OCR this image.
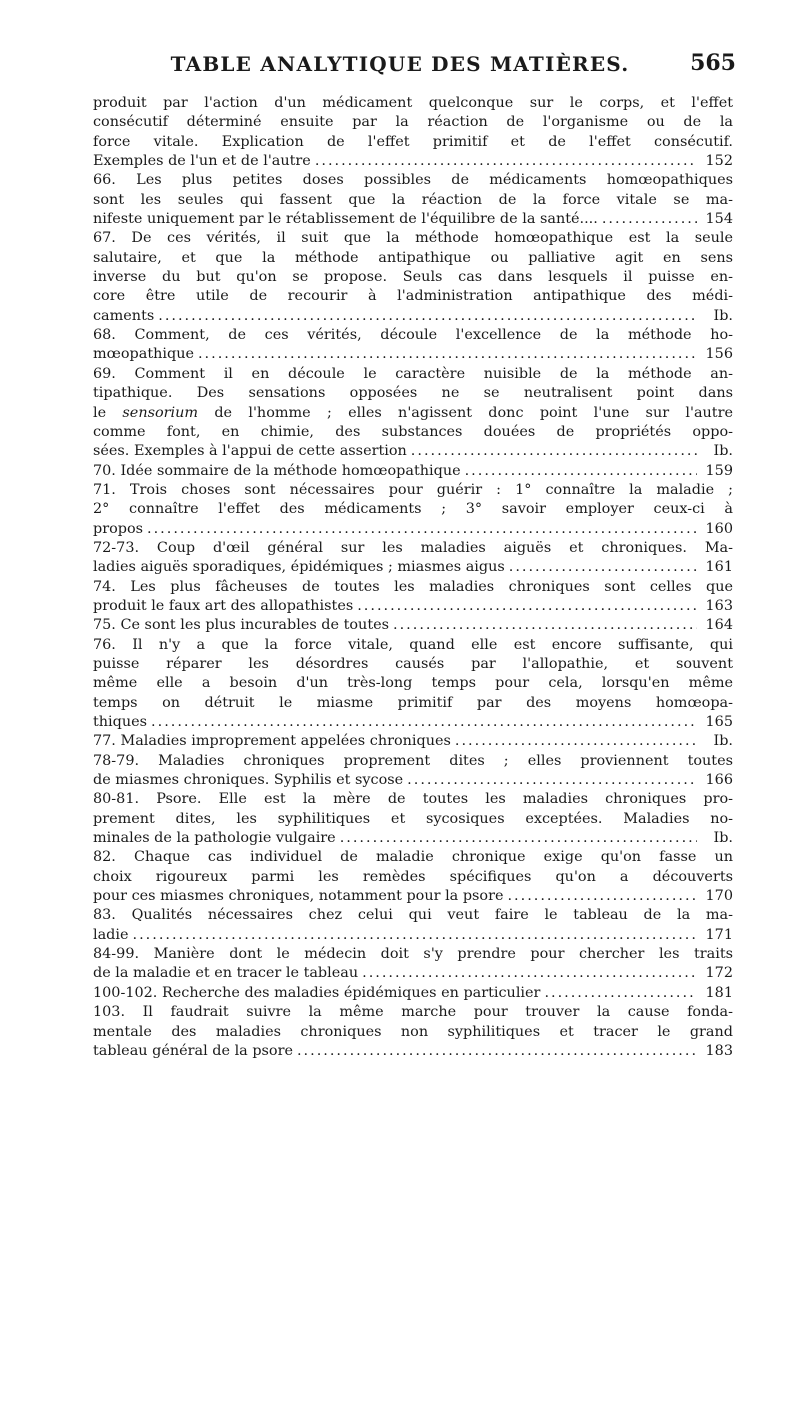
TABLE ANALYTIQUE DES MATIÈRES.	565
produit par l'action d'un médicament quelconque sur le corps, et l'effet
consécutif déterminé ensuite par la réaction de l'organisme ou de la
force vitale. Explication de l'effet primitif et de l'effet consécutif.
Exemples de l'un et de l'autre .....	152
66. Les plus petites doses possibles de médicaments homœopathiques
sont les seules qui fassent que la réaction de la force vitale se ma-
nifeste uniquement par le rétablissement de l'équilibre de la santé.... .....	154
67. De ces vérités, il suit que la méthode homœopathique est la seule
salutaire, et que la méthode antipathique ou palliative agit en sens
inverse du but qu'on se propose. Seuls cas dans lesquels il puisse en-
core être utile de recourir à l'administration antipathique des médi-
caments .....	Ib.
68. Comment, de ces vérités, découle l'excellence de la méthode ho-
mœopathique .....	156
69. Comment il en découle le caractère nuisible de la méthode an-
tipathique. Des sensations opposées ne se neutralisent point dans
le sensorium de l'homme ; elles n'agissent donc point l'une sur l'autre
comme font, en chimie, des substances douées de propriétés oppo-
sées. Exemples à l'appui de cette assertion .....	Ib.
70. Idée sommaire de la méthode homœopathique .....	159
71. Trois choses sont nécessaires pour guérir : 1° connaître la maladie ;
2° connaître l'effet des médicaments ; 3° savoir employer ceux-ci à
propos .....	160
72-73. Coup d'œil général sur les maladies aiguës et chroniques. Ma-
ladies aiguës sporadiques, épidémiques ; miasmes aigus .....	161
74. Les plus fâcheuses de toutes les maladies chroniques sont celles que
produit le faux art des allopathistes .....	163
75. Ce sont les plus incurables de toutes .....	164
76. Il n'y a que la force vitale, quand elle est encore suffisante, qui
puisse réparer les désordres causés par l'allopathie, et souvent
même elle a besoin d'un très-long temps pour cela, lorsqu'en même
temps on détruit le miasme primitif par des moyens homœopa-
thiques .....	165
77. Maladies improprement appelées chroniques .....	Ib.
78-79. Maladies chroniques proprement dites ; elles proviennent toutes
de miasmes chroniques. Syphilis et sycose .....	166
80-81. Psore. Elle est la mère de toutes les maladies chroniques pro-
prement dites, les syphilitiques et sycosiques exceptées. Maladies no-
minales de la pathologie vulgaire .....	Ib.
82. Chaque cas individuel de maladie chronique exige qu'on fasse un
choix rigoureux parmi les remèdes spécifiques qu'on a découverts
pour ces miasmes chroniques, notamment pour la psore .....	170
83. Qualités nécessaires chez celui qui veut faire le tableau de la ma-
ladie .....	171
84-99. Manière dont le médecin doit s'y prendre pour chercher les traits
de la maladie et en tracer le tableau .....	172
100-102. Recherche des maladies épidémiques en particulier .....	181
103. Il faudrait suivre la même marche pour trouver la cause fonda-
mentale des maladies chroniques non syphilitiques et tracer le grand
tableau général de la psore .....	183
